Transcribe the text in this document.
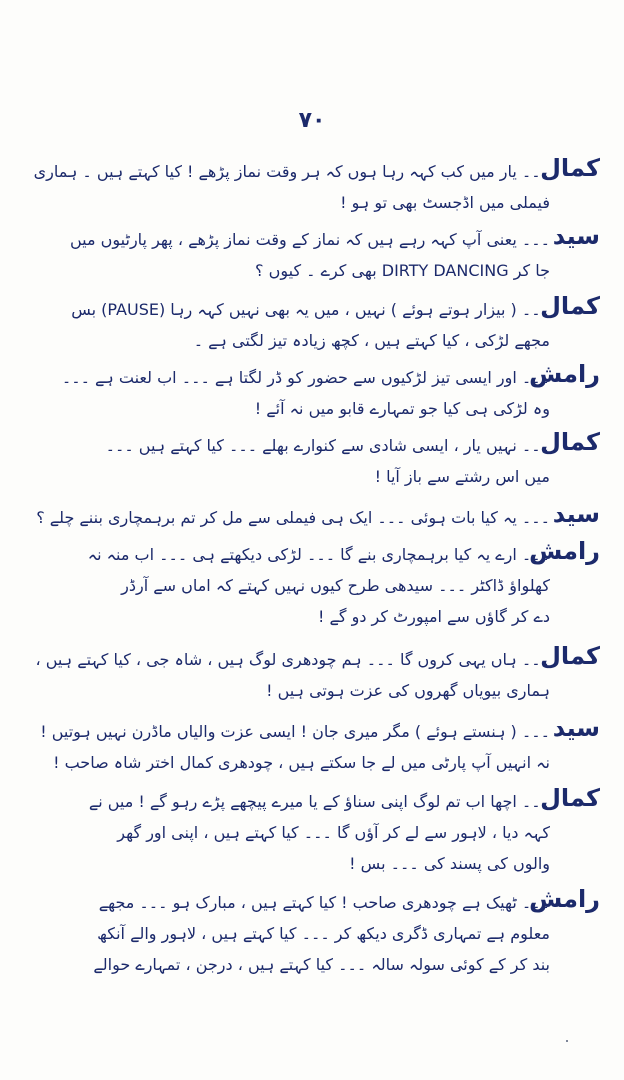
۷۰
کمال
۔۔۔ یار میں کب کہہ رہا ہوں کہ ہر وقت نماز پڑھے ! کیا کہتے ہیں ۔ ہماری
فیملی میں اڈجسٹ بھی تو ہو !
سید
۔۔۔ یعنی آپ کہہ رہے ہیں کہ نماز کے وقت نماز پڑھے ، پھر پارٹیوں میں
جا کر DIRTY DANCING بھی کرے ۔ کیوں ؟
کمال
۔۔۔ ( بیزار ہوتے ہوئے ) نہیں ، میں یہ بھی نہیں کہہ رہا (PAUSE) بس
مجھے لڑکی ، کیا کہتے ہیں ، کچھ زیادہ تیز لگتی ہے ۔
رامش
۔۔۔ اور ایسی تیز لڑکیوں سے حضور کو ڈر لگتا ہے ۔۔۔ اب لعنت ہے ۔۔۔
وہ لڑکی ہی کیا جو تمہارے قابو میں نہ آئے !
کمال
۔۔۔ نہیں یار ، ایسی شادی سے کنوارے بھلے ۔۔۔ کیا کہتے ہیں ۔۔۔
میں اس رشتے سے باز آیا !
سید
۔۔۔ یہ کیا بات ہوئی ۔۔۔ ایک ہی فیملی سے مل کر تم برہمچاری بننے چلے ؟
رامش
۔۔۔ ارے یہ کیا برہمچاری بنے گا ۔۔۔ لڑکی دیکھتے ہی ۔۔۔ اب منہ نہ
کھلواؤ ڈاکٹر ۔۔۔ سیدھی طرح کیوں نہیں کہتے کہ اماں سے آرڈر
دے کر گاؤں سے امپورٹ کر دو گے !
کمال
۔۔۔ ہاں یہی کروں گا ۔۔۔ ہم چودھری لوگ ہیں ، شاہ جی ، کیا کہتے ہیں ،
ہماری بیویاں گھروں کی عزت ہوتی ہیں !
سید
۔۔۔ ( ہنستے ہوئے ) مگر میری جان ! ایسی عزت والیاں ماڈرن نہیں ہوتیں !
نہ انہیں آپ پارٹی میں لے جا سکتے ہیں ، چودھری کمال اختر شاہ صاحب !
کمال
۔۔۔ اچھا اب تم لوگ اپنی سناؤ کے یا میرے پیچھے پڑے رہو گے ! میں نے
کہہ دیا ، لاہور سے لے کر آؤں گا ۔۔۔ کیا کہتے ہیں ، اپنی اور گھر
والوں کی پسند کی ۔۔۔ بس !
رامش
۔۔۔ ٹھیک ہے چودھری صاحب ! کیا کہتے ہیں ، مبارک ہو ۔۔۔ مجھے
معلوم ہے تمہاری ڈگری دیکھ کر ۔۔۔ کیا کہتے ہیں ، لاہور والے آنکھ
بند کر کے کوئی سولہ سالہ ۔۔۔ کیا کہتے ہیں ، درجن ، تمہارے حوالے
